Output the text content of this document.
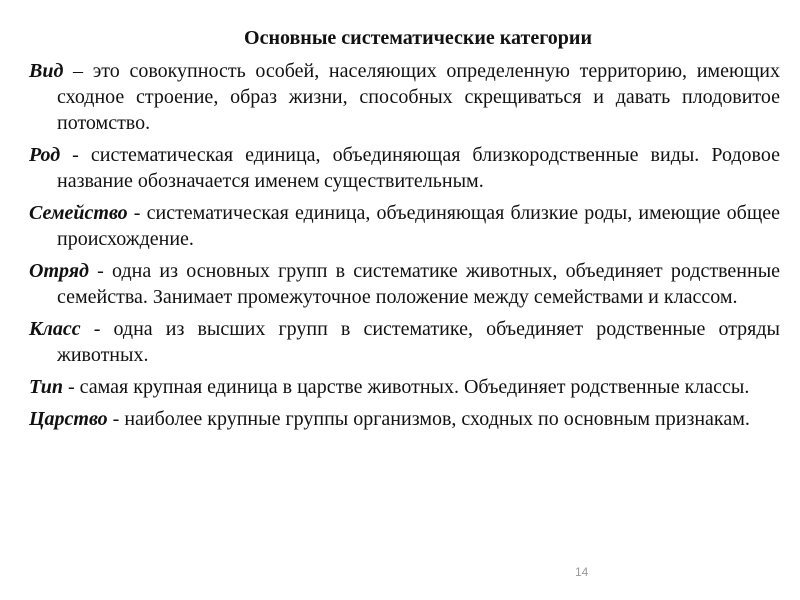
Основные систематические категории

Вид – это совокупность особей, населяющих определенную территорию, имеющих сходное строение, образ жизни, способных скрещиваться и давать плодовитое потомство.

Род - систематическая единица, объединяющая близкородственные виды. Родовое название обозначается именем существительным.

Семейство - систематическая единица, объединяющая близкие роды, имеющие общее происхождение.

Отряд - одна из основных групп в систематике животных, объединяет родственные семейства. Занимает промежуточное положение между семействами и классом.

Класс - одна из высших групп в систематике, объединяет родственные отряды животных.

Тип - самая крупная единица в царстве животных. Объединяет родственные классы.

Царство - наиболее крупные группы организмов, сходных по основным признакам.

14
